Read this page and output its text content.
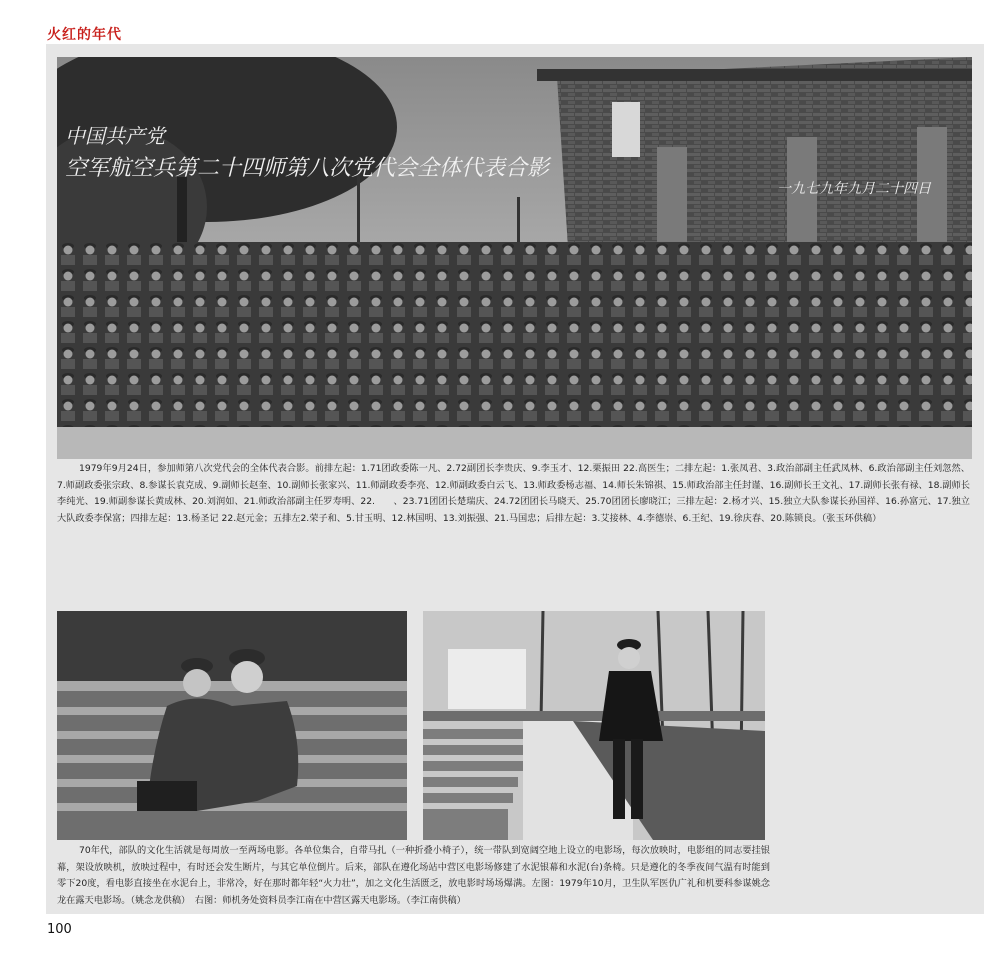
火红的年代
中国共产党
空军航空兵第二十四师第八次党代会全体代表合影
一九七九年九月二十四日
1979年9月24日，参加师第八次党代会的全体代表合影。前排左起：1.71团政委陈一凡、2.72副团长李贵庆、9.李玉才、12.栗振田 22.高医生；二排左起：1.张凤君、3.政治部副主任武凤林、6.政治部副主任刘忽然、7.师副政委张宗政、8.参谋长袁克成、9.副师长赵奎、10.副师长张家兴、11.师副政委李亮、12.师副政委白云飞、13.师政委杨志福、14.师长朱锦祺、15.师政治部主任封谨、16.副师长王文礼、17.副师长张有禄、18.副师长李纯光、19.师副参谋长黄成林、20.刘润如、21.师政治部副主任罗寿明、22.　　、23.71团团长楚瑞庆、24.72团团长马晓天、25.70团团长廖晓江；三排左起：2.杨才兴、15.独立大队参谋长孙国祥、16.孙富元、17.独立大队政委李保富；四排左起：13.杨圣记 22.赵元金；五排左2.荣子和、5.甘玉明、12.林国明、13.刘振强、21.马国忠；后排左起：3.艾接林、4.李德崇、6.王纪、19.徐庆春、20.陈锁良。（张玉环供稿）
70年代，部队的文化生活就是每周放一至两场电影。各单位集合，自带马扎（一种折叠小椅子），统一带队到宽阔空地上设立的电影场，每次放映时，电影组的同志要挂银幕，架设放映机，放映过程中，有时还会发生断片，与其它单位倒片。后来，部队在遵化场站中营区电影场修建了水泥银幕和水泥(台)条椅。只是遵化的冬季夜间气温有时能到零下20度，看电影直接坐在水泥台上，非常冷，好在那时都年轻“火力壮”，加之文化生活匮乏，放电影时场场爆满。左图：1979年10月，卫生队军医仇广礼和机要科参谋姚念龙在露天电影场。（姚念龙供稿）　右图：师机务处资料员李江南在中营区露天电影场。（李江南供稿）
100
